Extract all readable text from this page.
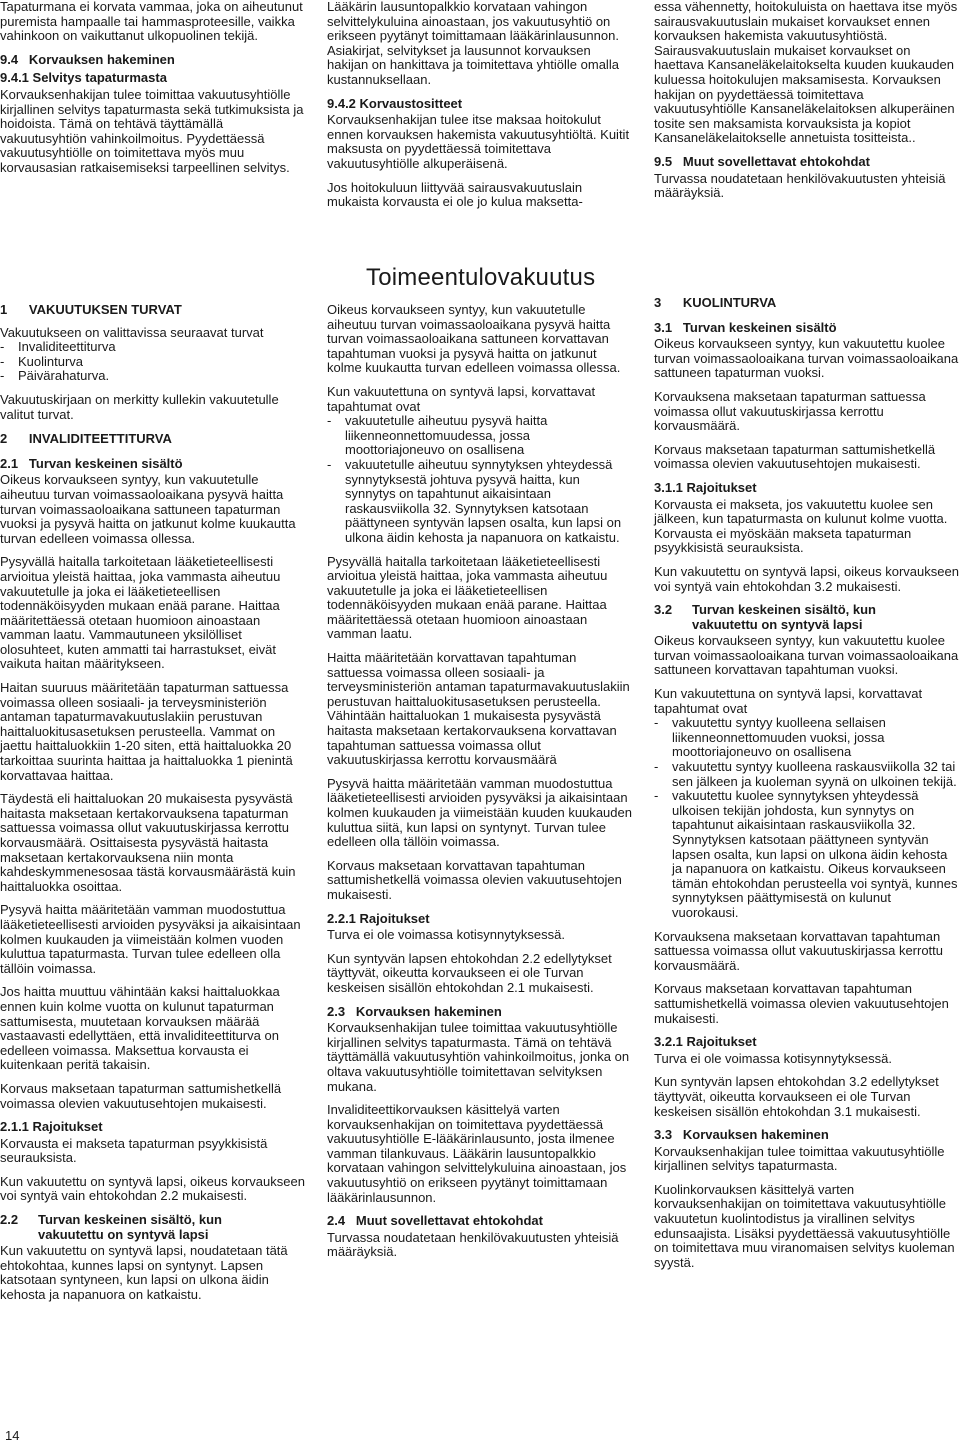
Tapaturmana ei korvata vammaa, joka on aiheutunut puremista hampaalle tai hammasproteesille, vaikka vahinkoon on vaikuttanut ulkopuolinen tekijä.

9.4   Korvauksen hakeminen
9.4.1 Selvitys tapaturmasta

Korvauksenhakijan tulee toimittaa vakuutusyhtiölle kirjallinen selvitys tapaturmasta sekä tutkimuksista ja hoidoista. Tämä on tehtävä täyttämällä vakuutusyhtiön vahinkoilmoitus. Pyydettäessä vakuutusyhtiölle on toimitettava myös muu korvausasian ratkaisemiseksi tarpeellinen selvitys.

Lääkärin lausuntopalkkio korvataan vahingon selvittelykuluina ainoastaan, jos vakuutusyhtiö on erikseen pyytänyt toimittamaan lääkärinlausunnon. Asiakirjat, selvitykset ja lausunnot korvauksen hakijan on hankittava ja toimitettava yhtiölle omalla kustannuksellaan.

9.4.2 Korvaustositteet

Korvauksenhakijan tulee itse maksaa hoitokulut ennen korvauksen hakemista vakuutusyhtiöltä. Kuitit maksusta on pyydettäessä toimitettava vakuutusyhtiölle alkuperäisenä.

Jos hoitokuluun liittyvää sairausvakuutuslain mukaista korvausta ei ole jo kulua maksetta-

essa vähennetty, hoitokuluista on haettava itse myös sairausvakuutuslain mukaiset korvaukset ennen korvauksen hakemista vakuutusyhtiöstä. Sairausvakuutuslain mukaiset korvaukset on haettava Kansaneläkelaitokselta kuuden kuukauden kuluessa hoitokulujen maksamisesta. Korvauksen hakijan on pyydettäessä toimitettava vakuutusyhtiölle Kansaneläkelaitoksen alkuperäinen tosite sen maksamista korvauksista ja kopiot Kansaneläkelaitokselle annetuista tositteista..

9.5   Muut sovellettavat ehtokohdat

Turvassa noudatetaan henkilövakuutusten yhteisiä määräyksiä.

Toimeentulovakuutus
1      VAKUUTUKSEN TURVAT

Vakuutukseen on valittavissa seuraavat turvat

-	Invaliditeettiturva
-	Kuolinturva
-	Päivärahaturva.

Vakuutuskirjaan on merkitty kullekin vakuutetulle valitut turvat.

2      INVALIDITEETTITURVA
2.1   Turvan keskeinen sisältö

Oikeus korvaukseen syntyy, kun vakuutetulle aiheutuu turvan voimassaoloaikana pysyvä haitta turvan voimassaoloaikana sattuneen tapaturman vuoksi ja pysyvä haitta on jatkunut kolme kuukautta turvan edelleen voimassa ollessa.

Pysyvällä haitalla tarkoitetaan lääketieteellisesti arvioitua yleistä haittaa, joka vammasta aiheutuu vakuutetulle ja joka ei lääketieteellisen todennäköisyyden mukaan enää parane. Haittaa määritettäessä otetaan huomioon ainoastaan vamman laatu. Vammautuneen yksilölliset olosuhteet, kuten ammatti tai harrastukset, eivät vaikuta haitan määritykseen.

Haitan suuruus määritetään tapaturman sattuessa voimassa olleen sosiaali- ja terveysministeriön antaman tapaturmavakuutuslakiin perustuvan haittaluokitusasetuksen perusteella. Vammat on jaettu haittaluokkiin 1-20 siten, että haittaluokka 20 tarkoittaa suurinta haittaa ja haittaluokka 1 pienintä korvattavaa haittaa.

Täydestä eli haittaluokan 20 mukaisesta pysyvästä haitasta maksetaan kertakorvauksena tapaturman sattuessa voimassa ollut vakuutuskirjassa kerrottu korvausmäärä. Osittaisesta pysyvästä haitasta maksetaan kertakorvauksena niin monta kahdeskymmenesosaa tästä korvausmäärästä kuin haittaluokka osoittaa.

Pysyvä haitta määritetään vamman muodostuttua lääketieteellisesti arvioiden pysyväksi ja aikaisintaan kolmen kuukauden ja viimeistään kolmen vuoden kuluttua tapaturmasta. Turvan tulee edelleen olla tällöin voimassa.

Jos haitta muuttuu vähintään kaksi haittaluokkaa ennen kuin kolme vuotta on kulunut tapaturman sattumisesta, muutetaan korvauksen määrää vastaavasti edellyttäen, että invaliditeettiturva on edelleen voimassa. Maksettua korvausta ei kuitenkaan peritä takaisin.

Korvaus maksetaan tapaturman sattumishetkellä voimassa olevien vakuutusehtojen mukaisesti.

2.1.1 Rajoitukset

Korvausta ei makseta tapaturman psyykkisistä seurauksista.

Kun vakuutettu on syntyvä lapsi, oikeus korvaukseen voi syntyä vain ehtokohdan 2.2 mukaisesti.

2.2	Turvan keskeinen sisältö, kun
vakuutettu on syntyvä lapsi

Kun vakuutettu on syntyvä lapsi, noudatetaan tätä ehtokohtaa, kunnes lapsi on syntynyt. Lapsen katsotaan syntyneen, kun lapsi on ulkona äidin kehosta ja napanuora on katkaistu.

Oikeus korvaukseen syntyy, kun vakuutetulle aiheutuu turvan voimassaoloaikana pysyvä haitta turvan voimassaoloaikana sattuneen korvattavan tapahtuman vuoksi ja pysyvä haitta on jatkunut kolme kuukautta turvan edelleen voimassa ollessa.

Kun vakuutettuna on syntyvä lapsi, korvattavat tapahtumat ovat

-	vakuutetulle aiheutuu pysyvä haitta liikenneonnettomuudessa, jossa moottoriajoneuvo on osallisena
-	vakuutetulle aiheutuu synnytyksen yhteydessä synnytyksestä johtuva pysyvä haitta, kun synnytys on tapahtunut aikaisintaan raskausviikolla 32. Synnytyksen katsotaan päättyneen syntyvän lapsen osalta, kun lapsi on ulkona äidin kehosta ja napanuora on katkaistu.

Pysyvällä haitalla tarkoitetaan lääketieteellisesti arvioitua yleistä haittaa, joka vammasta aiheutuu vakuutetulle ja joka ei lääketieteellisen todennäköisyyden mukaan enää parane. Haittaa määritettäessä otetaan huomioon ainoastaan vamman laatu.

Haitta määritetään korvattavan tapahtuman sattuessa voimassa olleen sosiaali- ja terveysministeriön antaman tapaturmavakuutuslakiin perustuvan haittaluokitusasetuksen perusteella. Vähintään haittaluokan 1 mukaisesta pysyvästä haitasta maksetaan kertakorvauksena korvattavan tapahtuman sattuessa voimassa ollut vakuutuskirjassa kerrottu korvausmäärä

Pysyvä haitta määritetään vamman muodostuttua lääketieteellisesti arvioiden pysyväksi ja aikaisintaan kolmen kuukauden ja viimeistään kuuden kuukauden kuluttua siitä, kun lapsi on syntynyt. Turvan tulee edelleen olla tällöin voimassa.

Korvaus maksetaan korvattavan tapahtuman sattumishetkellä voimassa olevien vakuutusehtojen mukaisesti.

2.2.1 Rajoitukset

Turva ei ole voimassa kotisynnytyksessä.

Kun syntyvän lapsen ehtokohdan 2.2 edellytykset täyttyvät, oikeutta korvaukseen ei ole Turvan keskeisen sisällön ehtokohdan 2.1 mukaisesti.

2.3   Korvauksen hakeminen

Korvauksenhakijan tulee toimittaa vakuutusyhtiölle kirjallinen selvitys tapaturmasta. Tämä on tehtävä täyttämällä vakuutusyhtiön vahinkoilmoitus, jonka on oltava vakuutusyhtiölle toimitettavan selvityksen mukana.

Invaliditeettikorvauksen käsittelyä varten korvauksenhakijan on toimitettava pyydettäessä vakuutusyhtiölle E-lääkärinlausunto, josta ilmenee vamman tilankuvaus. Lääkärin lausuntopalkkio korvataan vahingon selvittelykuluina ainoastaan, jos vakuutusyhtiö on erikseen pyytänyt toimittamaan lääkärinlausunnon.

2.4   Muut sovellettavat ehtokohdat

Turvassa noudatetaan henkilövakuutusten yhteisiä määräyksiä.

3      KUOLINTURVA
3.1   Turvan keskeinen sisältö

Oikeus korvaukseen syntyy, kun vakuutettu kuolee turvan voimassaoloaikana turvan voimassaoloaikana sattuneen tapaturman vuoksi.

Korvauksena maksetaan tapaturman sattuessa voimassa ollut vakuutuskirjassa kerrottu korvausmäärä.

Korvaus maksetaan tapaturman sattumishetkellä voimassa olevien vakuutusehtojen mukaisesti.

3.1.1 Rajoitukset

Korvausta ei makseta, jos vakuutettu kuolee sen jälkeen, kun tapaturmasta on kulunut kolme vuotta. Korvausta ei myöskään makseta tapaturman psyykkisistä seurauksista.

Kun vakuutettu on syntyvä lapsi, oikeus korvaukseen voi syntyä vain ehtokohdan 3.2 mukaisesti.

3.2	Turvan keskeinen sisältö, kun
vakuutettu on syntyvä lapsi

Oikeus korvaukseen syntyy, kun vakuutettu kuolee turvan voimassaoloaikana turvan voimassaoloaikana sattuneen korvattavan tapahtuman vuoksi.

Kun vakuutettuna on syntyvä lapsi, korvattavat tapahtumat ovat

-	vakuutettu syntyy kuolleena sellaisen liikenneonnettomuuden vuoksi, jossa moottoriajoneuvo on osallisena
-	vakuutettu syntyy kuolleena raskausviikolla 32 tai sen jälkeen ja kuoleman syynä on ulkoinen tekijä.
-	vakuutettu kuolee synnytyksen yhteydessä ulkoisen tekijän johdosta, kun synnytys on tapahtunut aikaisintaan raskausviikolla 32. Synnytyksen katsotaan päättyneen syntyvän lapsen osalta, kun lapsi on ulkona äidin kehosta ja napanuora on katkaistu. Oikeus korvaukseen tämän ehtokohdan perusteella voi syntyä, kunnes synnytyksen päättymisestä on kulunut vuorokausi.

Korvauksena maksetaan korvattavan tapahtuman sattuessa voimassa ollut vakuutuskirjassa kerrottu korvausmäärä.

Korvaus maksetaan korvattavan tapahtuman sattumishetkellä voimassa olevien vakuutusehtojen mukaisesti.

3.2.1 Rajoitukset

Turva ei ole voimassa kotisynnytyksessä.

Kun syntyvän lapsen ehtokohdan 3.2 edellytykset täyttyvät, oikeutta korvaukseen ei ole Turvan keskeisen sisällön ehtokohdan 3.1 mukaisesti.

3.3   Korvauksen hakeminen

Korvauksenhakijan tulee toimittaa vakuutusyhtiölle kirjallinen selvitys tapaturmasta.

Kuolinkorvauksen käsittelyä varten korvauksenhakijan on toimitettava vakuutusyhtiölle vakuutetun kuolintodistus ja virallinen selvitys edunsaajista. Lisäksi pyydettäessä vakuutusyhtiölle on toimitettava muu viranomaisen selvitys kuoleman syystä.

14
